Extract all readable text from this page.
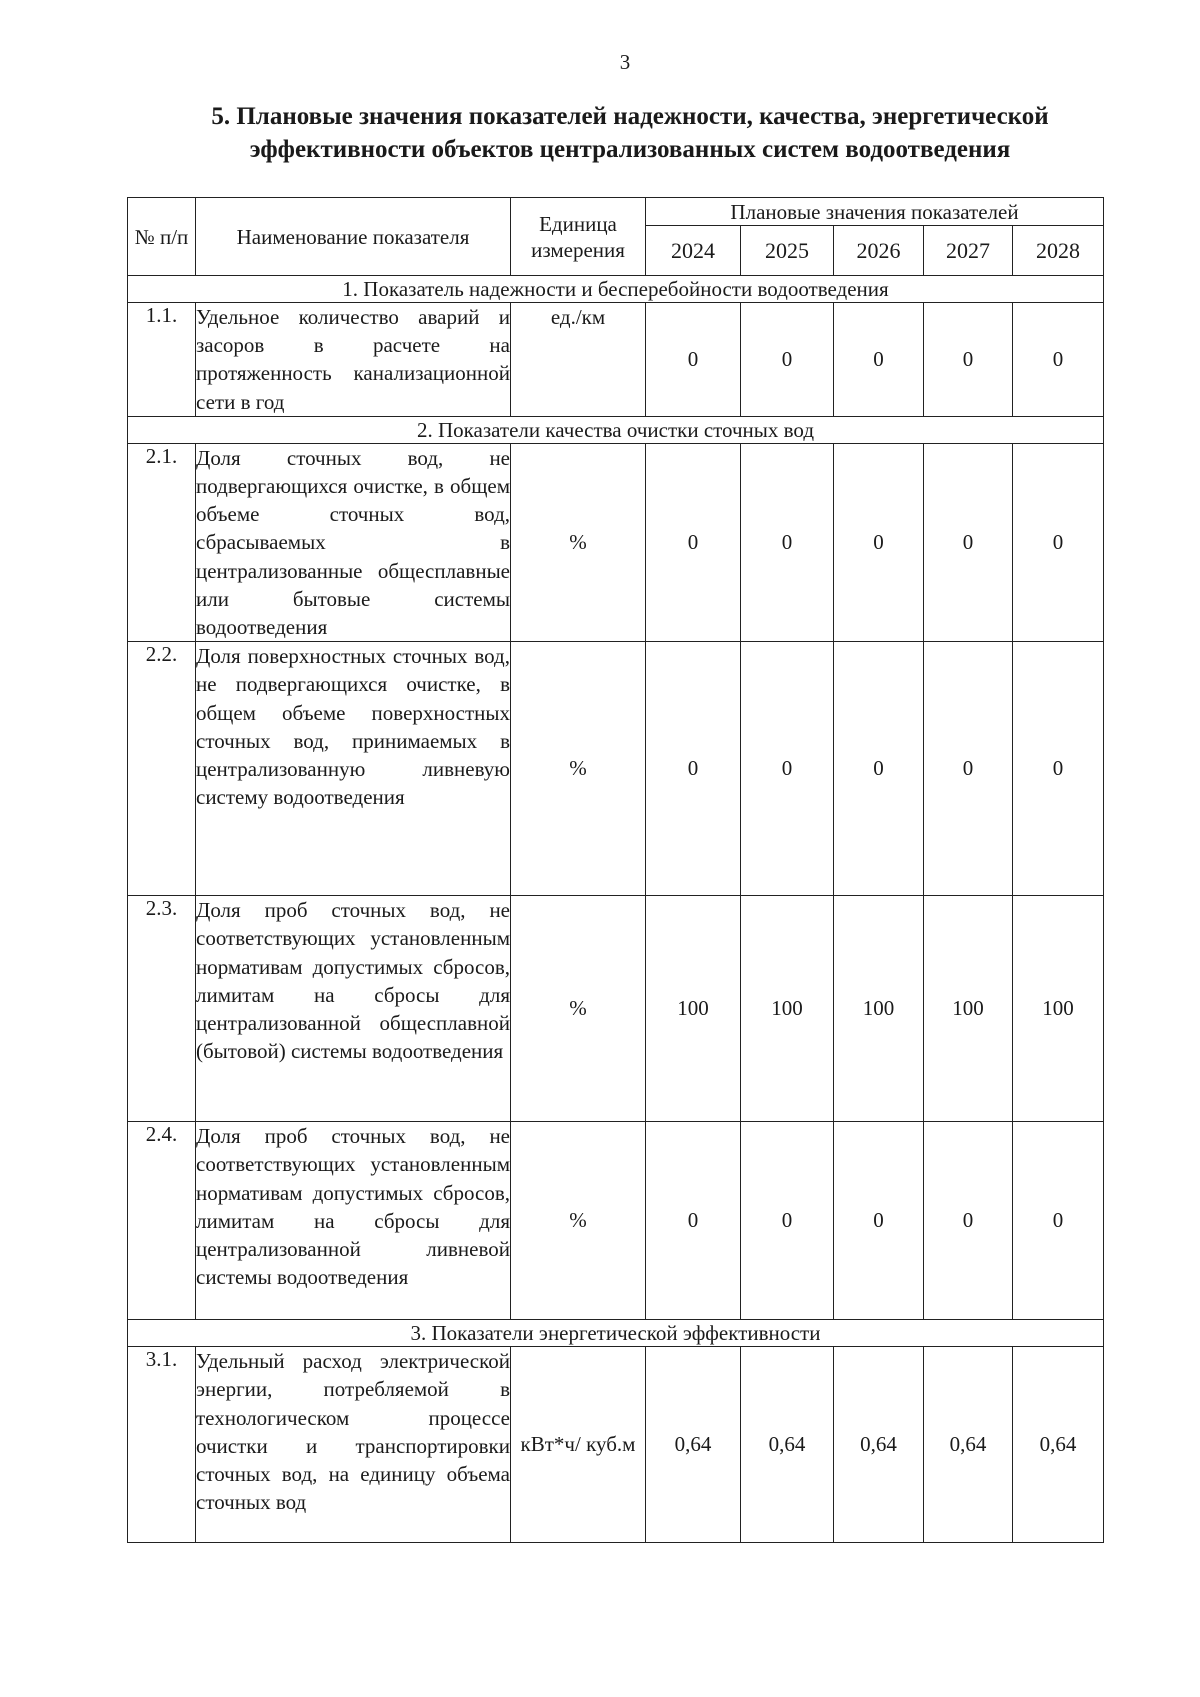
3
5. Плановые значения показателей надежности, качества, энергетической эффективности объектов централизованных систем водоотведения
№ п/п	Наименование показателя	Единица измерения	Плановые значения показателей				
			2024	2025	2026	2027	2028
1. Показатель надежности и бесперебойности водоотведения							
1.1.	Удельное количество аварий и засоров в расчете на протяженность канализационной сети в год	ед./км	0	0	0	0	0
2. Показатели качества очистки сточных вод							
2.1.	Доля сточных вод, не подвергающихся очистке, в общем объеме сточных вод, сбрасываемых в централизованные общесплавные или бытовые системы водоотведения	%	0	0	0	0	0
2.2.	Доля поверхностных сточных вод, не подвергающихся очистке, в общем объеме поверхностных сточных вод, принимаемых в централизованную ливневую систему водоотведения	%	0	0	0	0	0
2.3.	Доля проб сточных вод, не соответствующих установленным нормативам допустимых сбросов, лимитам на сбросы для централизованной общесплавной (бытовой) системы водоотведения	%	100	100	100	100	100
2.4.	Доля проб сточных вод, не соответствующих установленным нормативам допустимых сбросов, лимитам на сбросы для централизованной ливневой системы водоотведения	%	0	0	0	0	0
3. Показатели энергетической эффективности							
3.1.	Удельный расход электрической энергии, потребляемой в технологическом процессе очистки и транспортировки сточных вод, на единицу объема сточных вод	кВт*ч/ куб.м	0,64	0,64	0,64	0,64	0,64
